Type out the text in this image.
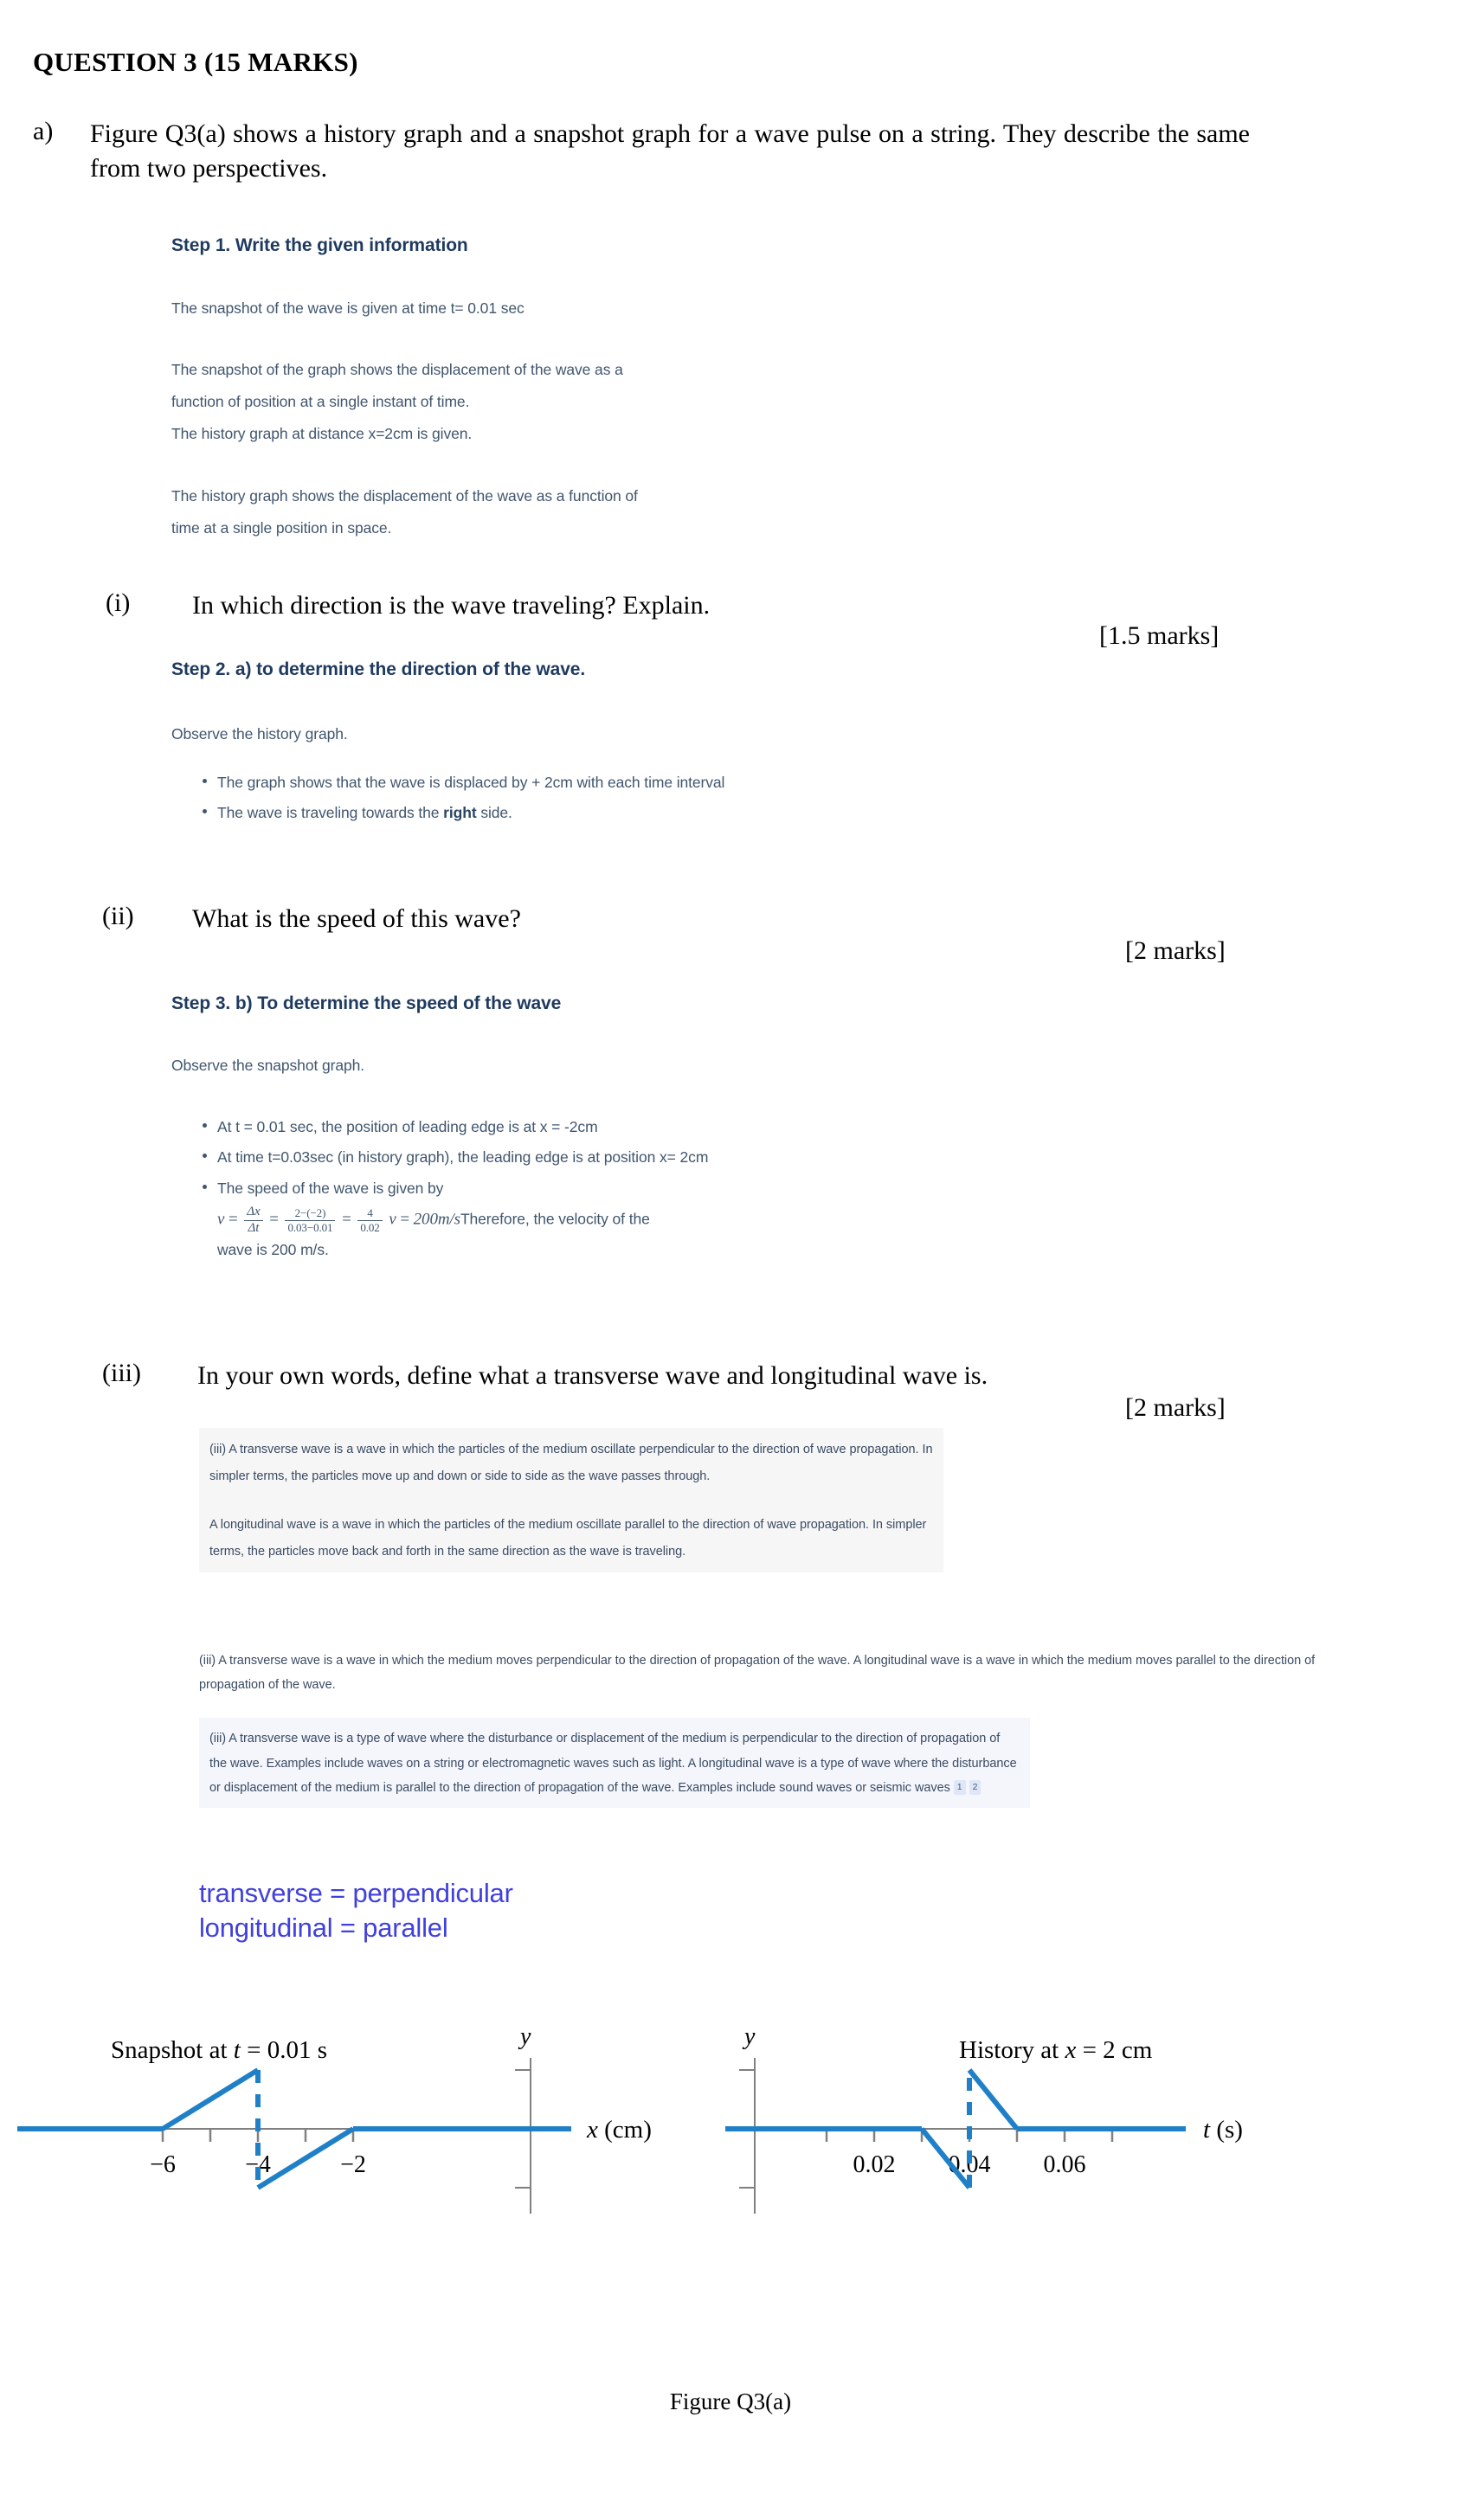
QUESTION 3 (15 MARKS)
a)	Figure Q3(a) shows a history graph and a snapshot graph for a wave pulse on a string. They describe the same from two perspectives.
Step 1. Write the given information
The snapshot of the wave is given at time t= 0.01 sec
The snapshot of the graph shows the displacement of the wave as a
function of position at a single instant of time.
The history graph at distance x=2cm is given.
The history graph shows the displacement of the wave as a function of
time at a single position in space.
(i)	In which direction is the wave traveling? Explain.
[1.5 marks]
Step 2. a) to determine the direction of the wave.
Observe the history graph.
The graph shows that the wave is displaced by + 2cm with each time interval
The wave is traveling towards the right side.
(ii)	What is the speed of this wave?
[2 marks]
Step 3. b) To determine the speed of the wave
Observe the snapshot graph.
At t = 0.01 sec, the position of leading edge is at x = -2cm
At time t=0.03sec (in history graph), the leading edge is at position x= 2cm
The speed of the wave is given by
$v = \frac{\Delta x}{\Delta t} = \frac{2-(-2)}{0.03-0.01} = \frac{4}{0.02}$ v = 200m/sTherefore, the velocity of the
wave is 200 m/s.
(iii)	In your own words, define what a transverse wave and longitudinal wave is.
[2 marks]

(iii) A transverse wave is a wave in which the particles of the medium oscillate perpendicular to the direction of wave propagation. In simpler terms, the particles move up and down or side to side as the wave passes through.

A longitudinal wave is a wave in which the particles of the medium oscillate parallel to the direction of wave propagation. In simpler terms, the particles move back and forth in the same direction as the wave is traveling.

(iii) A transverse wave is a wave in which the medium moves perpendicular to the direction of propagation of the wave. A longitudinal wave is a wave in which the medium moves parallel to the direction of propagation of the wave.

(iii) A transverse wave is a type of wave where the disturbance or displacement of the medium is perpendicular to the direction of propagation of the wave. Examples include waves on a string or electromagnetic waves such as light. A longitudinal wave is a type of wave where the disturbance or displacement of the medium is parallel to the direction of propagation of the wave. Examples include sound waves or seismic waves 1 2

transverse = perpendicular
longitudinal = parallel
Snapshot at t = 0.01 s	y
−6	−4	−2
x (cm)
History at x = 2 cm
y
0.02 0.04 0.06
t (s)
Figure Q3(a)
